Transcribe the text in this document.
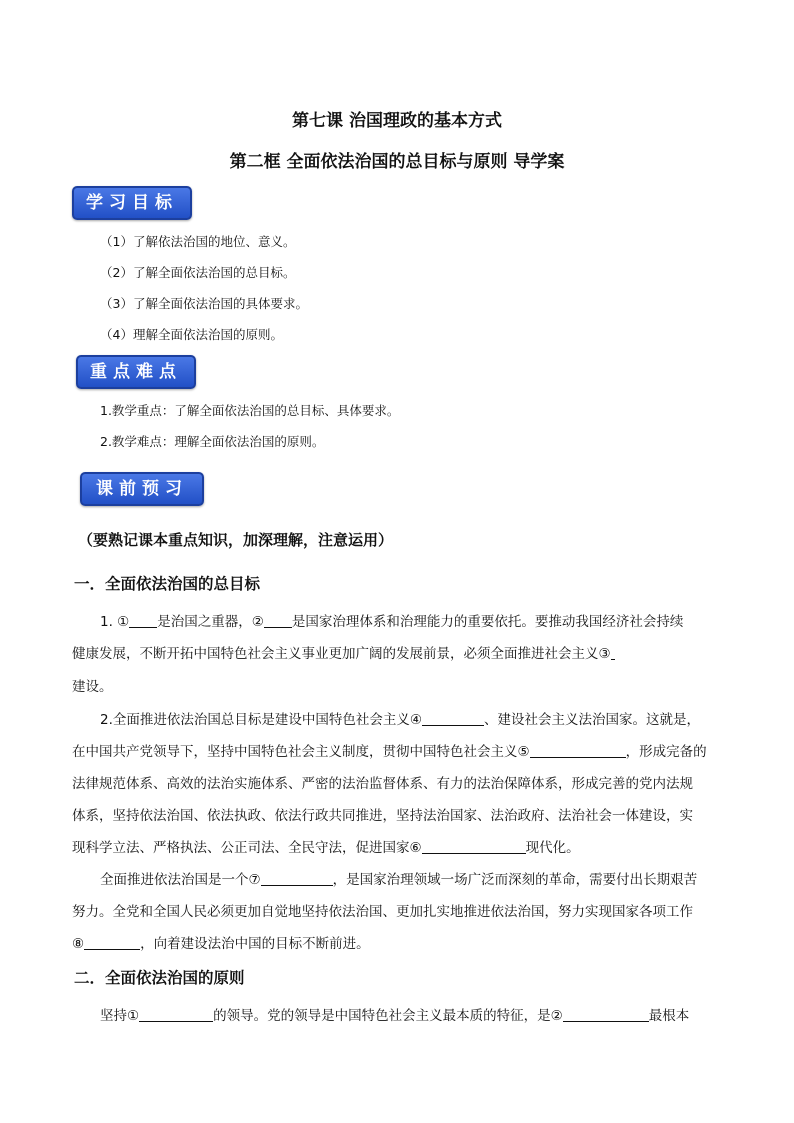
第七课 治国理政的基本方式
第二框 全面依法治国的总目标与原则 导学案
学习目标
（1）了解依法治国的地位、意义。
（2）了解全面依法治国的总目标。
（3）了解全面依法治国的具体要求。
（4）理解全面依法治国的原则。
重点难点
1.教学重点：了解全面依法治国的总目标、具体要求。
2.教学难点：理解全面依法治国的原则。
课前预习
（要熟记课本重点知识，加深理解，注意运用）
一．全面依法治国的总目标
1. ① 是治国之重器，② 是国家治理体系和治理能力的重要依托。要推动我国经济社会持续
健康发展，不断开拓中国特色社会主义事业更加广阔的发展前景，必须全面推进社会主义③
建设。
2.全面推进依法治国总目标是建设中国特色社会主义④	、建设社会主义法治国家。这就是，
在中国共产党领导下，坚持中国特色社会主义制度，贯彻中国特色社会主义⑤	，形成完备的
法律规范体系、高效的法治实施体系、严密的法治监督体系、有力的法治保障体系，形成完善的党内法规
体系，坚持依法治国、依法执政、依法行政共同推进，坚持法治国家、法治政府、法治社会一体建设，实
现科学立法、严格执法、公正司法、全民守法，促进国家⑥	现代化。
全面推进依法治国是一个⑦	，是国家治理领域一场广泛而深刻的革命，需要付出长期艰苦
努力。全党和全国人民必须更加自觉地坚持依法治国、更加扎实地推进依法治国，努力实现国家各项工作
⑧	，向着建设法治中国的目标不断前进。
二．全面依法治国的原则
坚持①	的领导。党的领导是中国特色社会主义最本质的特征，是②	最根本
